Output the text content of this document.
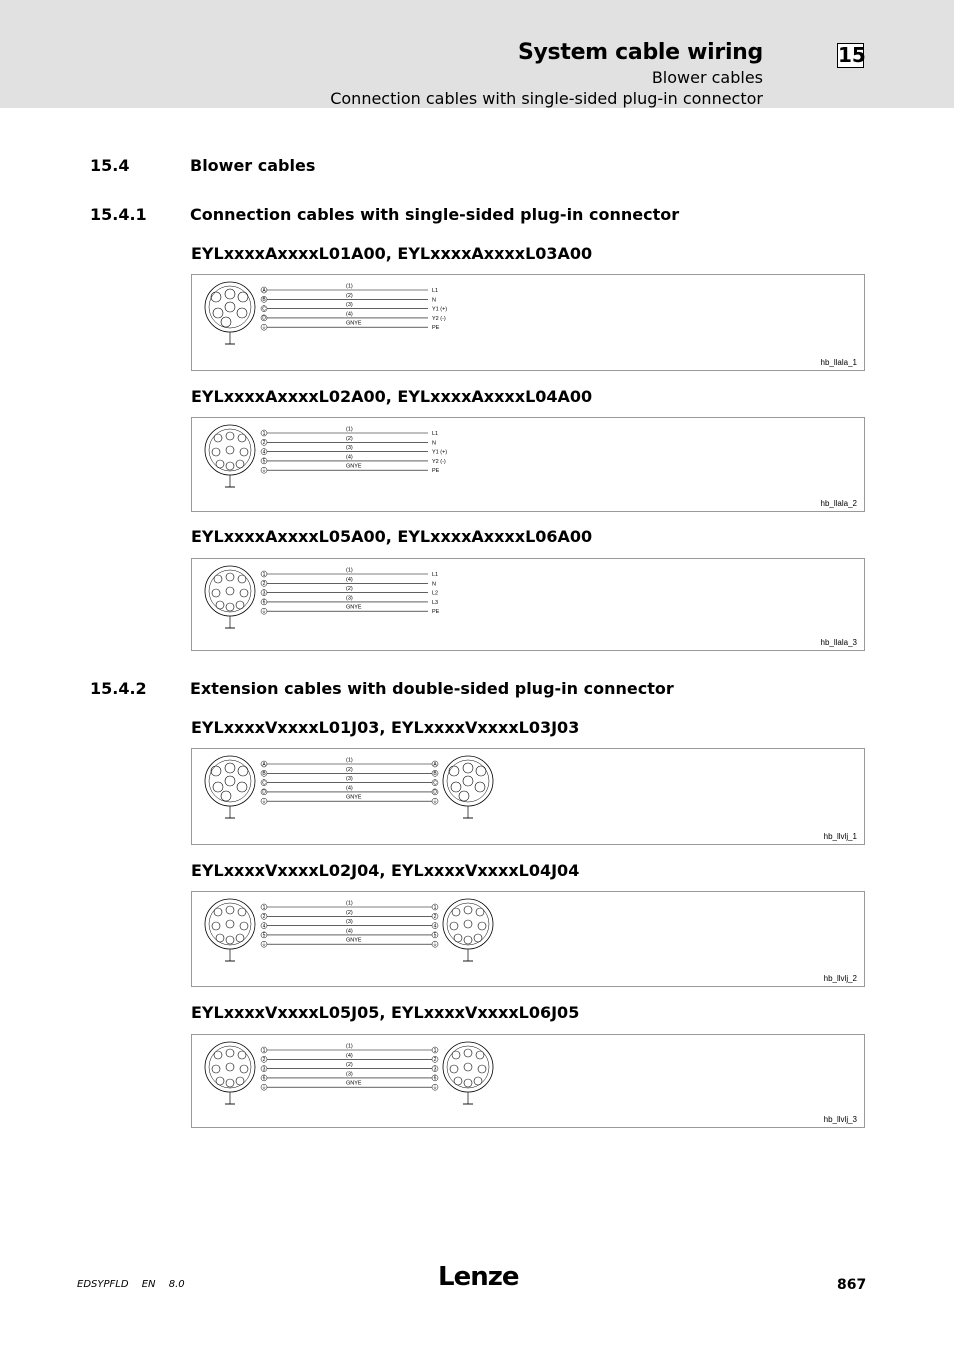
System cable wiring	15
Blower cables
Connection cables with single-sided plug-in connector
15.4	Blower cables
15.4.1	Connection cables with single-sided plug-in connector
15.4.2	Extension cables with double-sided plug-in connector
EYLxxxxAxxxxL01A00, EYLxxxxAxxxxL03A00
EYLxxxxAxxxxL02A00, EYLxxxxAxxxxL04A00
EYLxxxxAxxxxL05A00, EYLxxxxAxxxxL06A00
EYLxxxxVxxxxL01J03, EYLxxxxVxxxxL03J03
EYLxxxxVxxxxL02J04, EYLxxxxVxxxxL04J04
EYLxxxxVxxxxL05J05, EYLxxxxVxxxxL06J05
hb_llala_1
A
(1)
L1
B
(2)
N
C
(3)
Y1 (+)
D
(4)
Y2 (-)
⏚
GNYE
PE
hb_llala_2
1
(1)
L1
2
(2)
N
4
(3)
Y1 (+)
5
(4)
Y2 (-)
⏚
GNYE
PE
hb_llala_3
1
(1)
L1
2
(4)
N
3
(2)
L2
6
(3)
L3
⏚
GNYE
PE
hb_llvlj_1
A
(1)
A
B
(2)
B
C
(3)
C
D
(4)
D
⏚
GNYE
⏚
hb_llvlj_2
1
(1)
1
2
(2)
2
4
(3)
4
5
(4)
5
⏚
GNYE
⏚
hb_llvlj_3
1
(1)
1
2
(4)
2
3
(2)
3
6
(3)
6
⏚
GNYE
⏚
EDSYPFLD EN 8.0	Lenze	867
